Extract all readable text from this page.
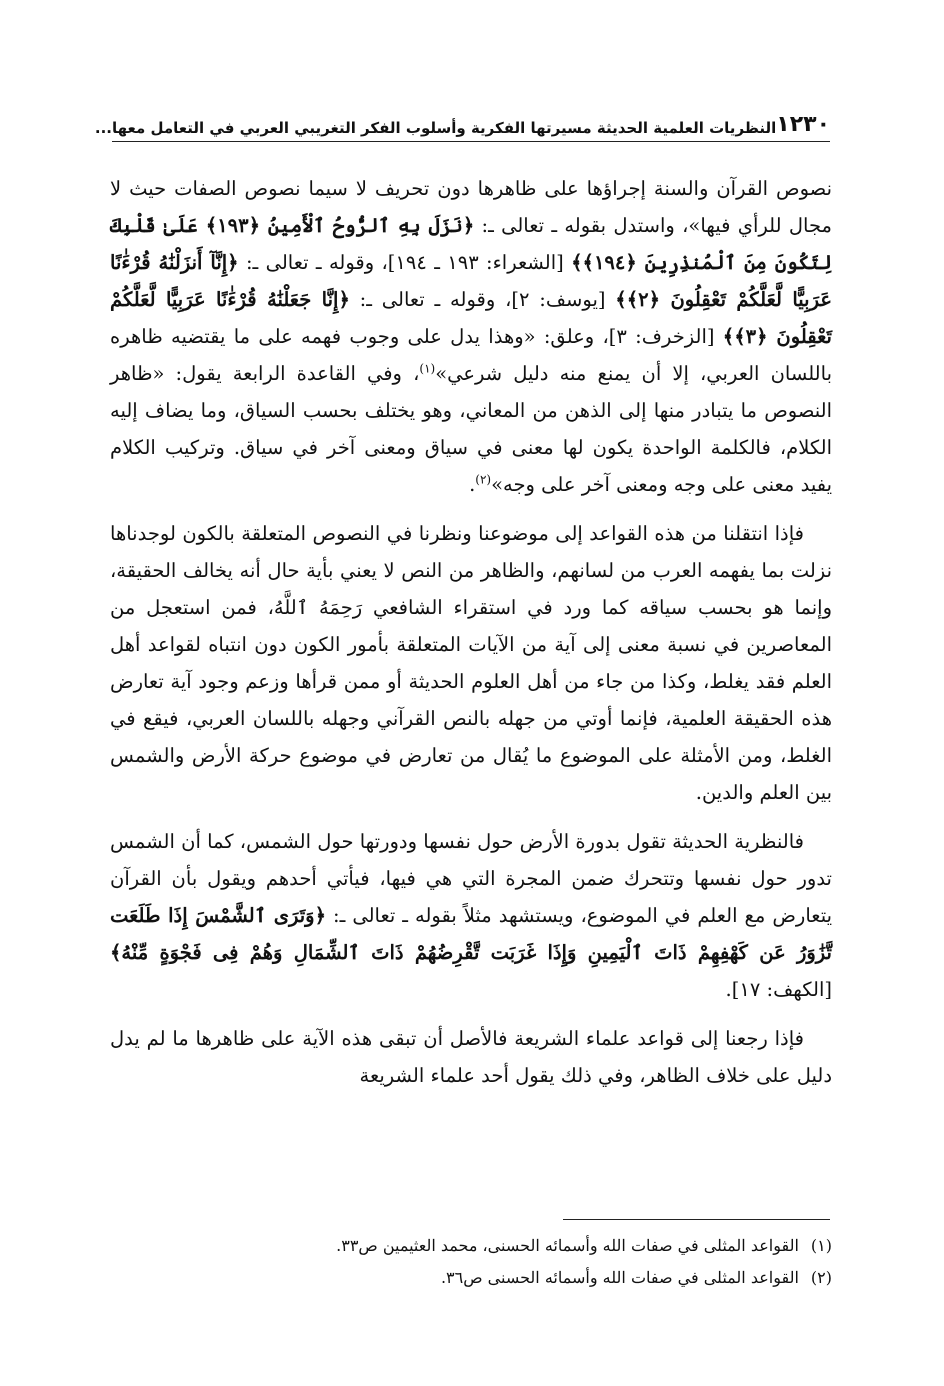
١٢٣٠
النظريات العلمية الحديثة مسيرتها الفكرية وأسلوب الفكر التغريبي العربي في التعامل معها...

نصوص القرآن والسنة إجراؤها على ظاهرها دون تحريف لا سيما نصوص الصفات حيث لا مجال للرأي فيها»، واستدل بقوله ـ تعالى ـ: ﴿نَزَلَ بِهِ ٱلرُّوحُ ٱلْأَمِينُ ﴿١٩٣﴾ عَلَىٰ قَلْبِكَ لِتَكُونَ مِنَ ٱلْمُنذِرِينَ ﴿١٩٤﴾﴾ [الشعراء: ١٩٣ ـ ١٩٤]، وقوله ـ تعالى ـ: ﴿إِنَّآ أَنزَلْنَٰهُ قُرْءَٰنًا عَرَبِيًّا لَّعَلَّكُمْ تَعْقِلُونَ ﴿٢﴾﴾ [يوسف: ٢]، وقوله ـ تعالى ـ: ﴿إِنَّا جَعَلْنَٰهُ قُرْءَٰنًا عَرَبِيًّا لَّعَلَّكُمْ تَعْقِلُونَ ﴿٣﴾﴾ [الزخرف: ٣]، وعلق: «وهذا يدل على وجوب فهمه على ما يقتضيه ظاهره باللسان العربي، إلا أن يمنع منه دليل شرعي»$^{(١)}$، وفي القاعدة الرابعة يقول: «ظاهر النصوص ما يتبادر منها إلى الذهن من المعاني، وهو يختلف بحسب السياق، وما يضاف إليه الكلام، فالكلمة الواحدة يكون لها معنى في سياق ومعنى آخر في سياق. وتركيب الكلام يفيد معنى على وجه ومعنى آخر على وجه»$^{(٢)}$.

فإذا انتقلنا من هذه القواعد إلى موضوعنا ونظرنا في النصوص المتعلقة بالكون لوجدناها نزلت بما يفهمه العرب من لسانهم، والظاهر من النص لا يعني بأية حال أنه يخالف الحقيقة، وإنما هو بحسب سياقه كما ورد في استقراء الشافعي رَحِمَهُ ٱللَّهُ، فمن استعجل من المعاصرين في نسبة معنى إلى آية من الآيات المتعلقة بأمور الكون دون انتباه لقواعد أهل العلم فقد يغلط، وكذا من جاء من أهل العلوم الحديثة أو ممن قرأها وزعم وجود آية تعارض هذه الحقيقة العلمية، فإنما أوتي من جهله بالنص القرآني وجهله باللسان العربي، فيقع في الغلط، ومن الأمثلة على الموضوع ما يُقال من تعارض في موضوع حركة الأرض والشمس بين العلم والدين.

فالنظرية الحديثة تقول بدورة الأرض حول نفسها ودورتها حول الشمس، كما أن الشمس تدور حول نفسها وتتحرك ضمن المجرة التي هي فيها، فيأتي أحدهم ويقول بأن القرآن يتعارض مع العلم في الموضوع، ويستشهد مثلاً بقوله ـ تعالى ـ: ﴿وَتَرَى ٱلشَّمْسَ إِذَا طَلَعَت تَّزَٰوَرُ عَن كَهْفِهِمْ ذَاتَ ٱلْيَمِينِ وَإِذَا غَرَبَت تَّقْرِضُهُمْ ذَاتَ ٱلشِّمَالِ وَهُمْ فِى فَجْوَةٍ مِّنْهُ﴾ [الكهف: ١٧].

فإذا رجعنا إلى قواعد علماء الشريعة فالأصل أن تبقى هذه الآية على ظاهرها ما لم يدل دليل على خلاف الظاهر، وفي ذلك يقول أحد علماء الشريعة

(١)
القواعد المثلى في صفات الله وأسمائه الحسنى، محمد العثيمين ص٣٣.
(٢)
القواعد المثلى في صفات الله وأسمائه الحسنى ص٣٦.
